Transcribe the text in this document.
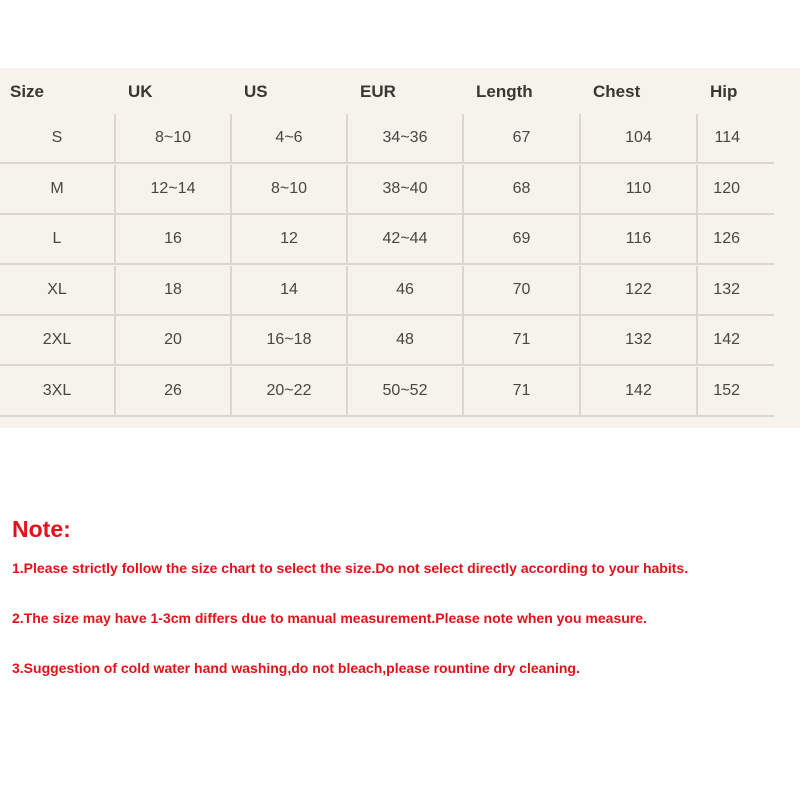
Size	UK	US	EUR	Length	Chest	Hip
S	8~10	4~6	34~36	67	104	114
M	12~14	8~10	38~40	68	110	120
L	16	12	42~44	69	116	126
XL	18	14	46	70	122	132
2XL	20	16~18	48	71	132	142
3XL	26	20~22	50~52	71	142	152
Note:
1.Please strictly follow the size chart to select the size.Do not select directly according to your habits.
2.The size may have 1-3cm differs due to manual measurement.Please note when you measure.
3.Suggestion of cold water hand washing,do not bleach,please rountine dry cleaning.
